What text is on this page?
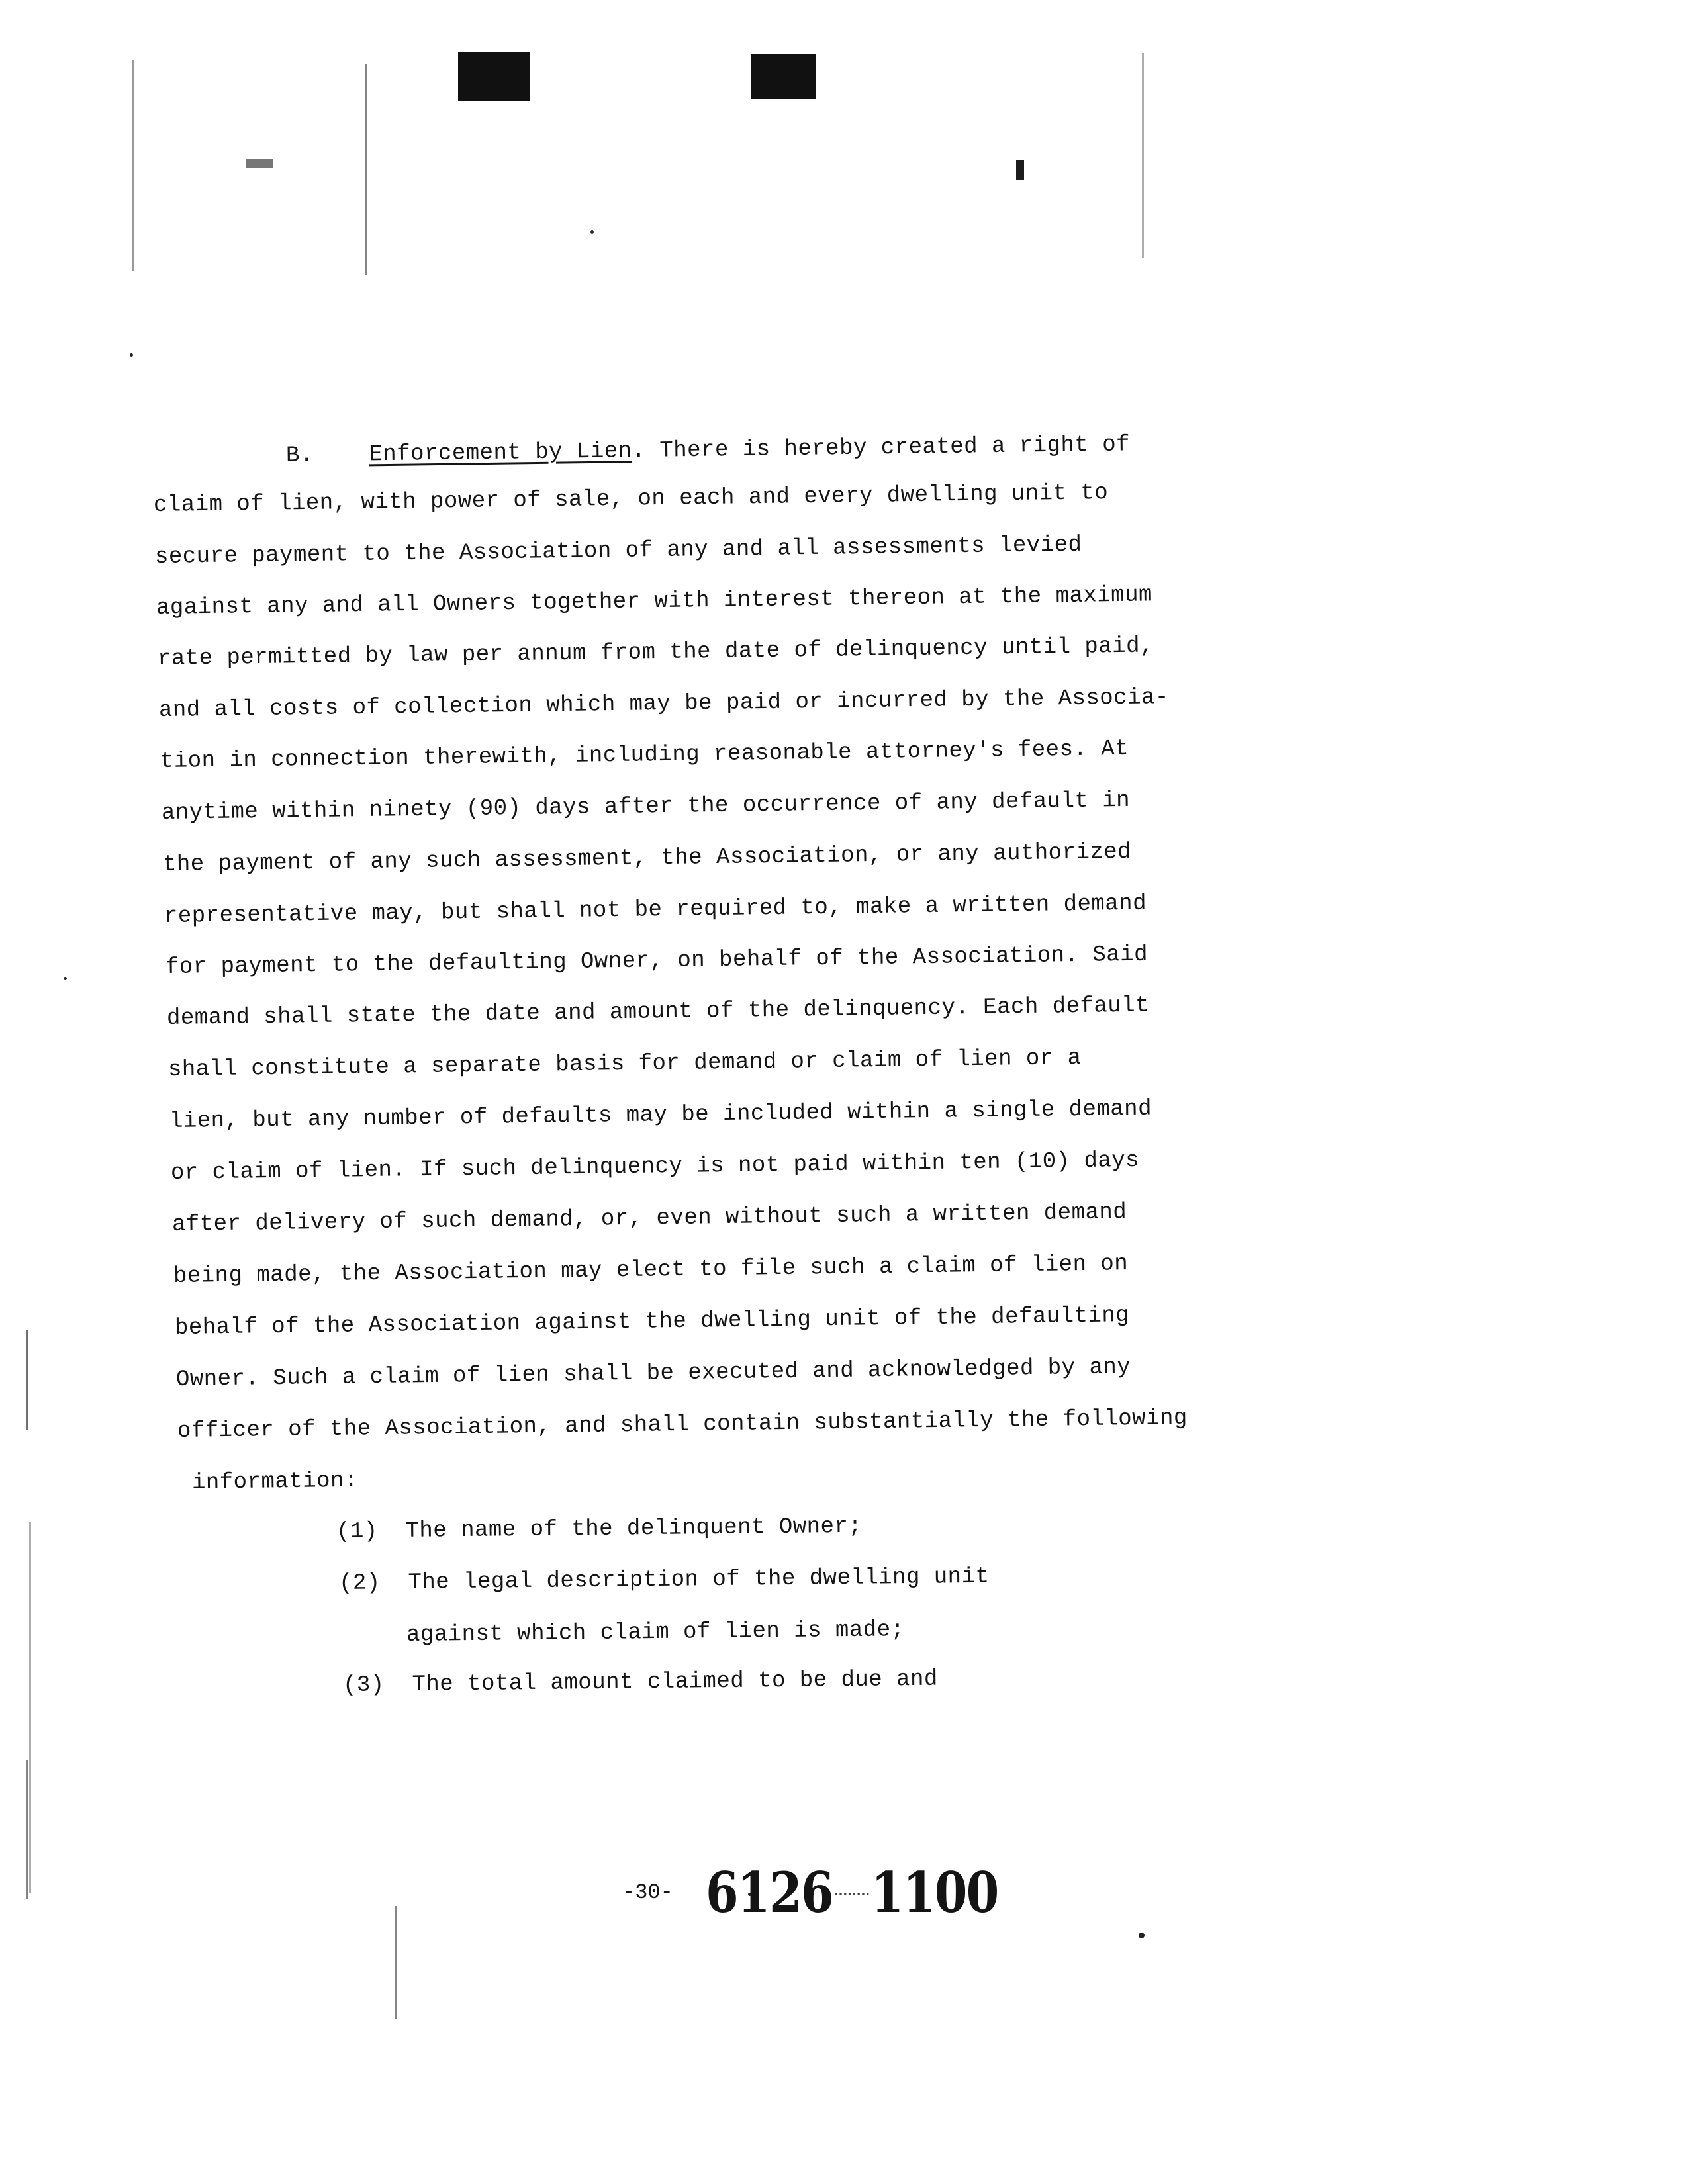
B. Enforcement by Lien. There is hereby created a right of
claim of lien, with power of sale, on each and every dwelling unit to
secure payment to the Association of any and all assessments levied
against any and all Owners together with interest thereon at the maximum
rate permitted by law per annum from the date of delinquency until paid,
and all costs of collection which may be paid or incurred by the Associa-
tion in connection therewith, including reasonable attorney's fees. At
anytime within ninety (90) days after the occurrence of any default in
the payment of any such assessment, the Association, or any authorized
representative may, but shall not be required to, make a written demand
for payment to the defaulting Owner, on behalf of the Association. Said
demand shall state the date and amount of the delinquency. Each default
shall constitute a separate basis for demand or claim of lien or a
lien, but any number of defaults may be included within a single demand
or claim of lien. If such delinquency is not paid within ten (10) days
after delivery of such demand, or, even without such a written demand
being made, the Association may elect to file such a claim of lien on
behalf of the Association against the dwelling unit of the defaulting
Owner. Such a claim of lien shall be executed and acknowledged by any
officer of the Association, and shall contain substantially the following
information:
(1) The name of the delinquent Owner;
(2) The legal description of the dwelling unit
against which claim of lien is made;
(3) The total amount claimed to be due and
-30- 6126 1100
